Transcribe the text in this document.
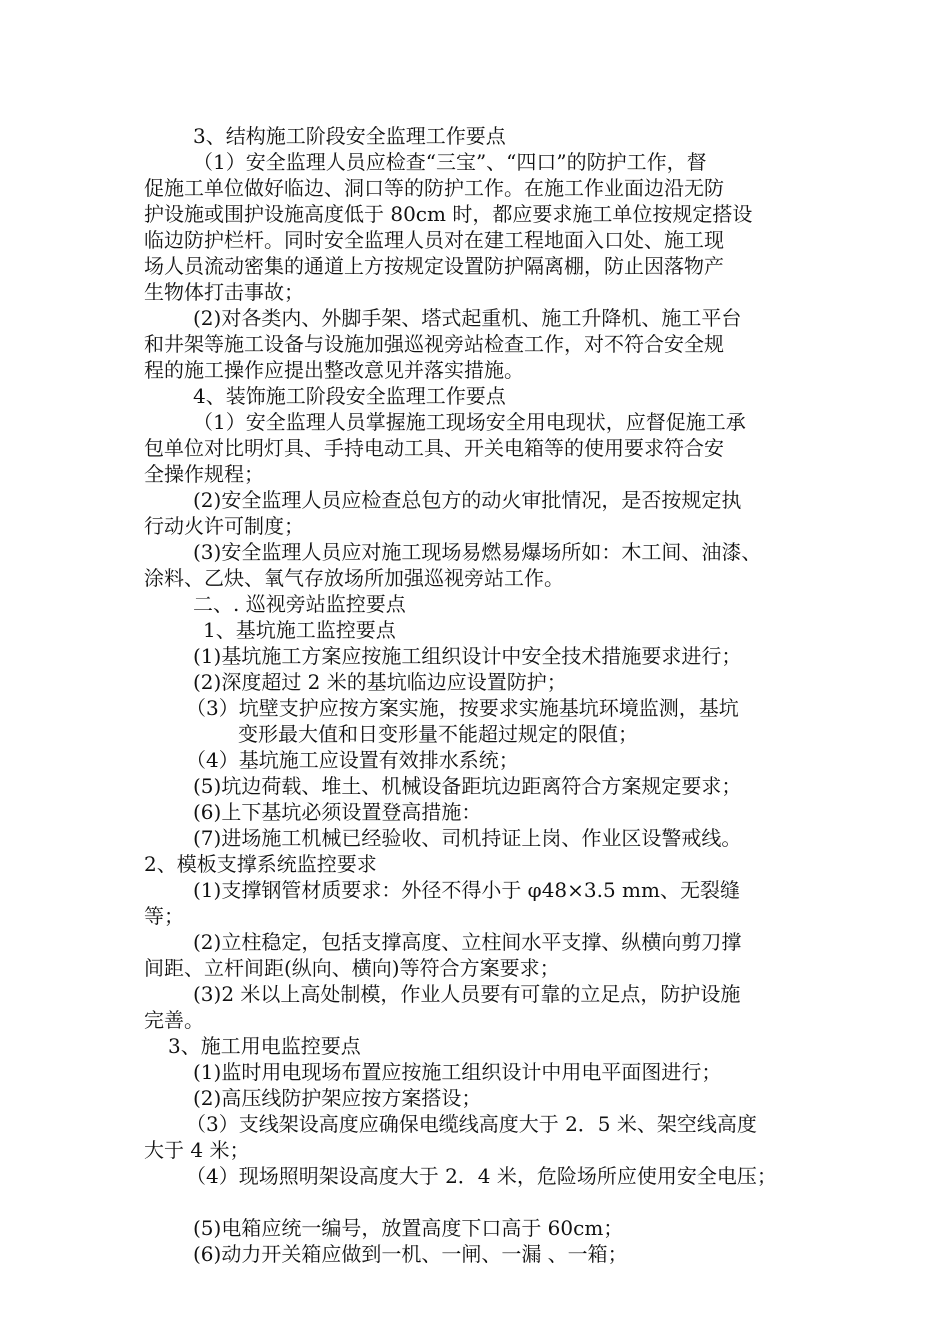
3、结构施工阶段安全监理工作要点
（1）安全监理人员应检查“三宝”、“四口”的防护工作，督
促施工单位做好临边、洞口等的防护工作。在施工作业面边沿无防
护设施或围护设施高度低于 80cm 时，都应要求施工单位按规定搭设
临边防护栏杆。同时安全监理人员对在建工程地面入口处、施工现
场人员流动密集的通道上方按规定设置防护隔离棚，防止因落物产
生物体打击事故；
(2)对各类内、外脚手架、塔式起重机、施工升降机、施工平台
和井架等施工设备与设施加强巡视旁站检查工作，对不符合安全规
程的施工操作应提出整改意见并落实措施。
4、装饰施工阶段安全监理工作要点
（1）安全监理人员掌握施工现场安全用电现状，应督促施工承
包单位对比明灯具、手持电动工具、开关电箱等的使用要求符合安
全操作规程；
(2)安全监理人员应检查总包方的动火审批情况，是否按规定执
行动火许可制度；
(3)安全监理人员应对施工现场易燃易爆场所如：木工间、油漆、
涂料、乙炔、氧气存放场所加强巡视旁站工作。
二、. 巡视旁站监控要点
1、基坑施工监控要点
(1)基坑施工方案应按施工组织设计中安全技术措施要求进行；
(2)深度超过 2 米的基坑临边应设置防护；
（3）坑壁支护应按方案实施，按要求实施基坑环境监测，基坑
变形最大值和日变形量不能超过规定的限值；
（4）基坑施工应设置有效排水系统；
(5)坑边荷载、堆土、机械设备距坑边距离符合方案规定要求；
(6)上下基坑必须设置登高措施：
(7)进场施工机械已经验收、司机持证上岗、作业区设警戒线。
2、模板支撑系统监控要求
(1)支撑钢管材质要求：外径不得小于 φ48×3.5 mm、无裂缝
等；
(2)立柱稳定，包括支撑高度、立柱间水平支撑、纵横向剪刀撑
间距、立杆间距(纵向、横向)等符合方案要求；
(3)2 米以上高处制模，作业人员要有可靠的立足点，防护设施
完善。
3、施工用电监控要点
(1)监时用电现场布置应按施工组织设计中用电平面图进行；
(2)高压线防护架应按方案搭设；
（3）支线架设高度应确保电缆线高度大于 2．5 米、架空线高度
大于 4 米；
（4）现场照明架设高度大于 2．4 米，危险场所应使用安全电压；
(5)电箱应统一编号，放置高度下口高于 60cm；
(6)动力开关箱应做到一机、一闸、一漏 、一箱；
